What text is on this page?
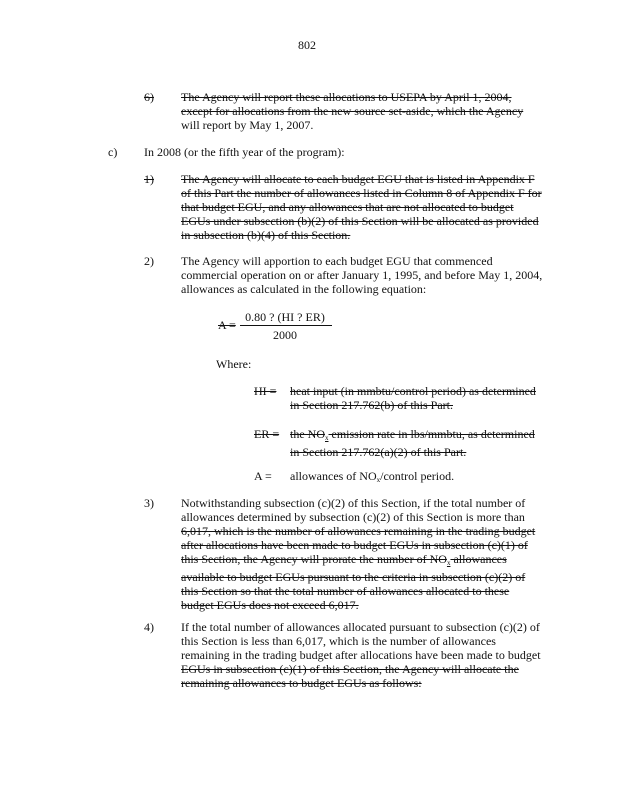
802
6) The Agency will report these allocations to USEPA by April 1, 2004, except for allocations from the new source set-aside, which the Agency will report by May 1, 2007.
c) In 2008 (or the fifth year of the program):
1) The Agency will allocate to each budget EGU that is listed in Appendix F of this Part the number of allowances listed in Column 8 of Appendix F for that budget EGU, and any allowances that are not allocated to budget EGUs under subsection (b)(2) of this Section will be allocated as provided in subsection (b)(4) of this Section.
2) The Agency will apportion to each budget EGU that commenced commercial operation on or after January 1, 1995, and before May 1, 2004, allowances as calculated in the following equation:
A =
0.80 ? (HI ? ER)
2000
Where:
HI = heat input (in mmbtu/control period) as determined in Section 217.762(b) of this Part.
ER = the $NO_x$ emission rate in lbs/mmbtu, as determined in Section 217.762(a)(2) of this Part.
A = allowances of $NO_x$/control period.
3) Notwithstanding subsection (c)(2) of this Section, if the total number of allowances determined by subsection (c)(2) of this Section is more than 6,017, which is the number of allowances remaining in the trading budget after allocations have been made to budget EGUs in subsection (c)(1) of this Section, the Agency will prorate the number of $NO_x$ allowances available to budget EGUs pursuant to the criteria in subsection (c)(2) of this Section so that the total number of allowances allocated to these budget EGUs does not exceed 6,017.
4) If the total number of allowances allocated pursuant to subsection (c)(2) of this Section is less than 6,017, which is the number of allowances remaining in the trading budget after allocations have been made to budget EGUs in subsection (c)(1) of this Section, the Agency will allocate the remaining allowances to budget EGUs as follows:
